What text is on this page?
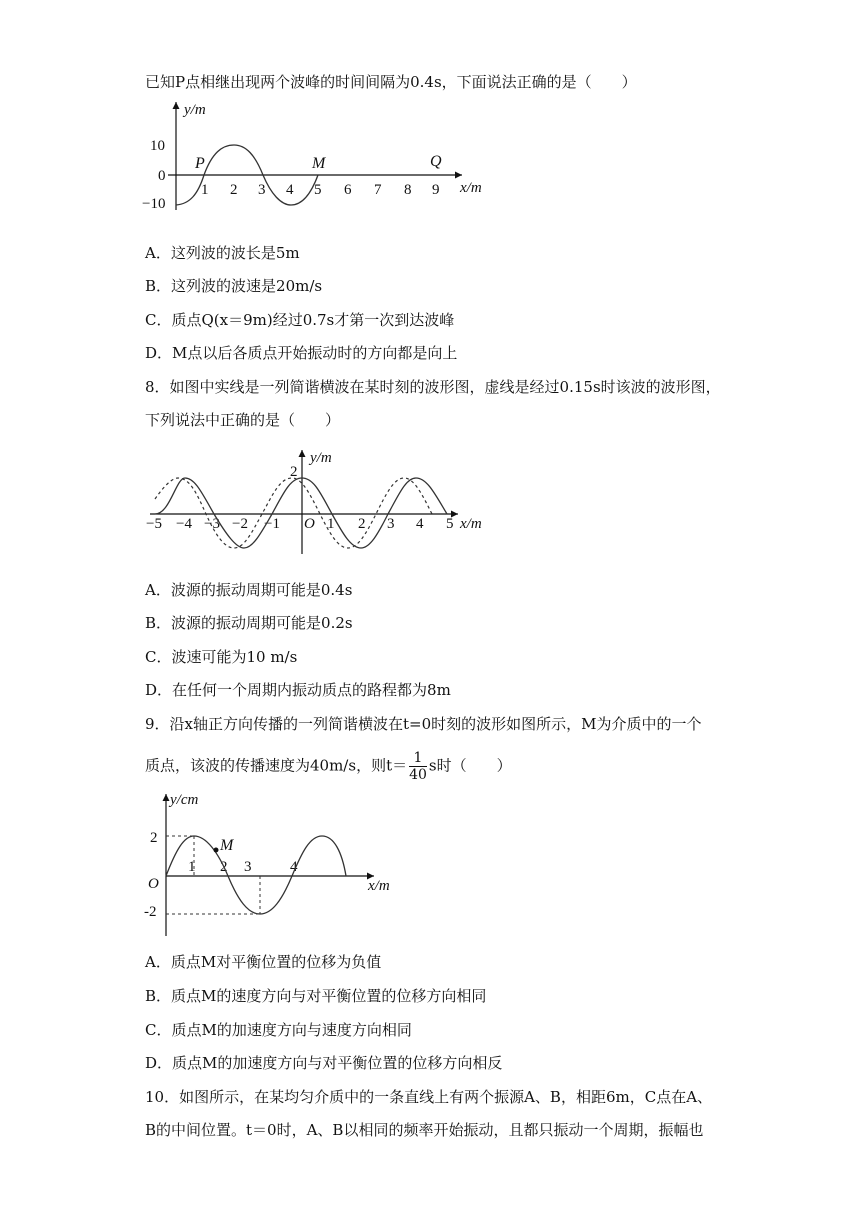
已知P点相继出现两个波峰的时间间隔为0.4s，下面说法正确的是（　　）
y/m
x/m
10
0
−10
1 2 3 4 5 6 7 8 9
P	M	Q
A．这列波的波长是5m
B．这列波的波速是20m/s
C．质点Q(x＝9m)经过0.7s才第一次到达波峰
D．M点以后各质点开始振动时的方向都是向上
8．如图中实线是一列简谐横波在某时刻的波形图，虚线是经过0.15s时该波的波形图，
下列说法中正确的是（　　）
y/m
x/m
2
O
−5 −4 −3 −2 −1	1 2 3 4 5
A．波源的振动周期可能是0.4s
B．波源的振动周期可能是0.2s
C．波速可能为10 m/s
D．在任何一个周期内振动质点的路程都为8m
9．沿x轴正方向传播的一列简谐横波在t=0时刻的波形如图所示，M为介质中的一个
质点，该波的传播速度为40m/s，则$t= \frac{1}{40}$ s时（　　）
y/cm
x/m
2
-2
O
1 2 3	4
M
A．质点M对平衡位置的位移为负值
B．质点M的速度方向与对平衡位置的位移方向相同
C．质点M的加速度方向与速度方向相同
D．质点M的加速度方向与对平衡位置的位移方向相反
10．如图所示，在某均匀介质中的一条直线上有两个振源A、B，相距6m，C点在A、
B的中间位置。t＝0时，A、B以相同的频率开始振动，且都只振动一个周期，振幅也
